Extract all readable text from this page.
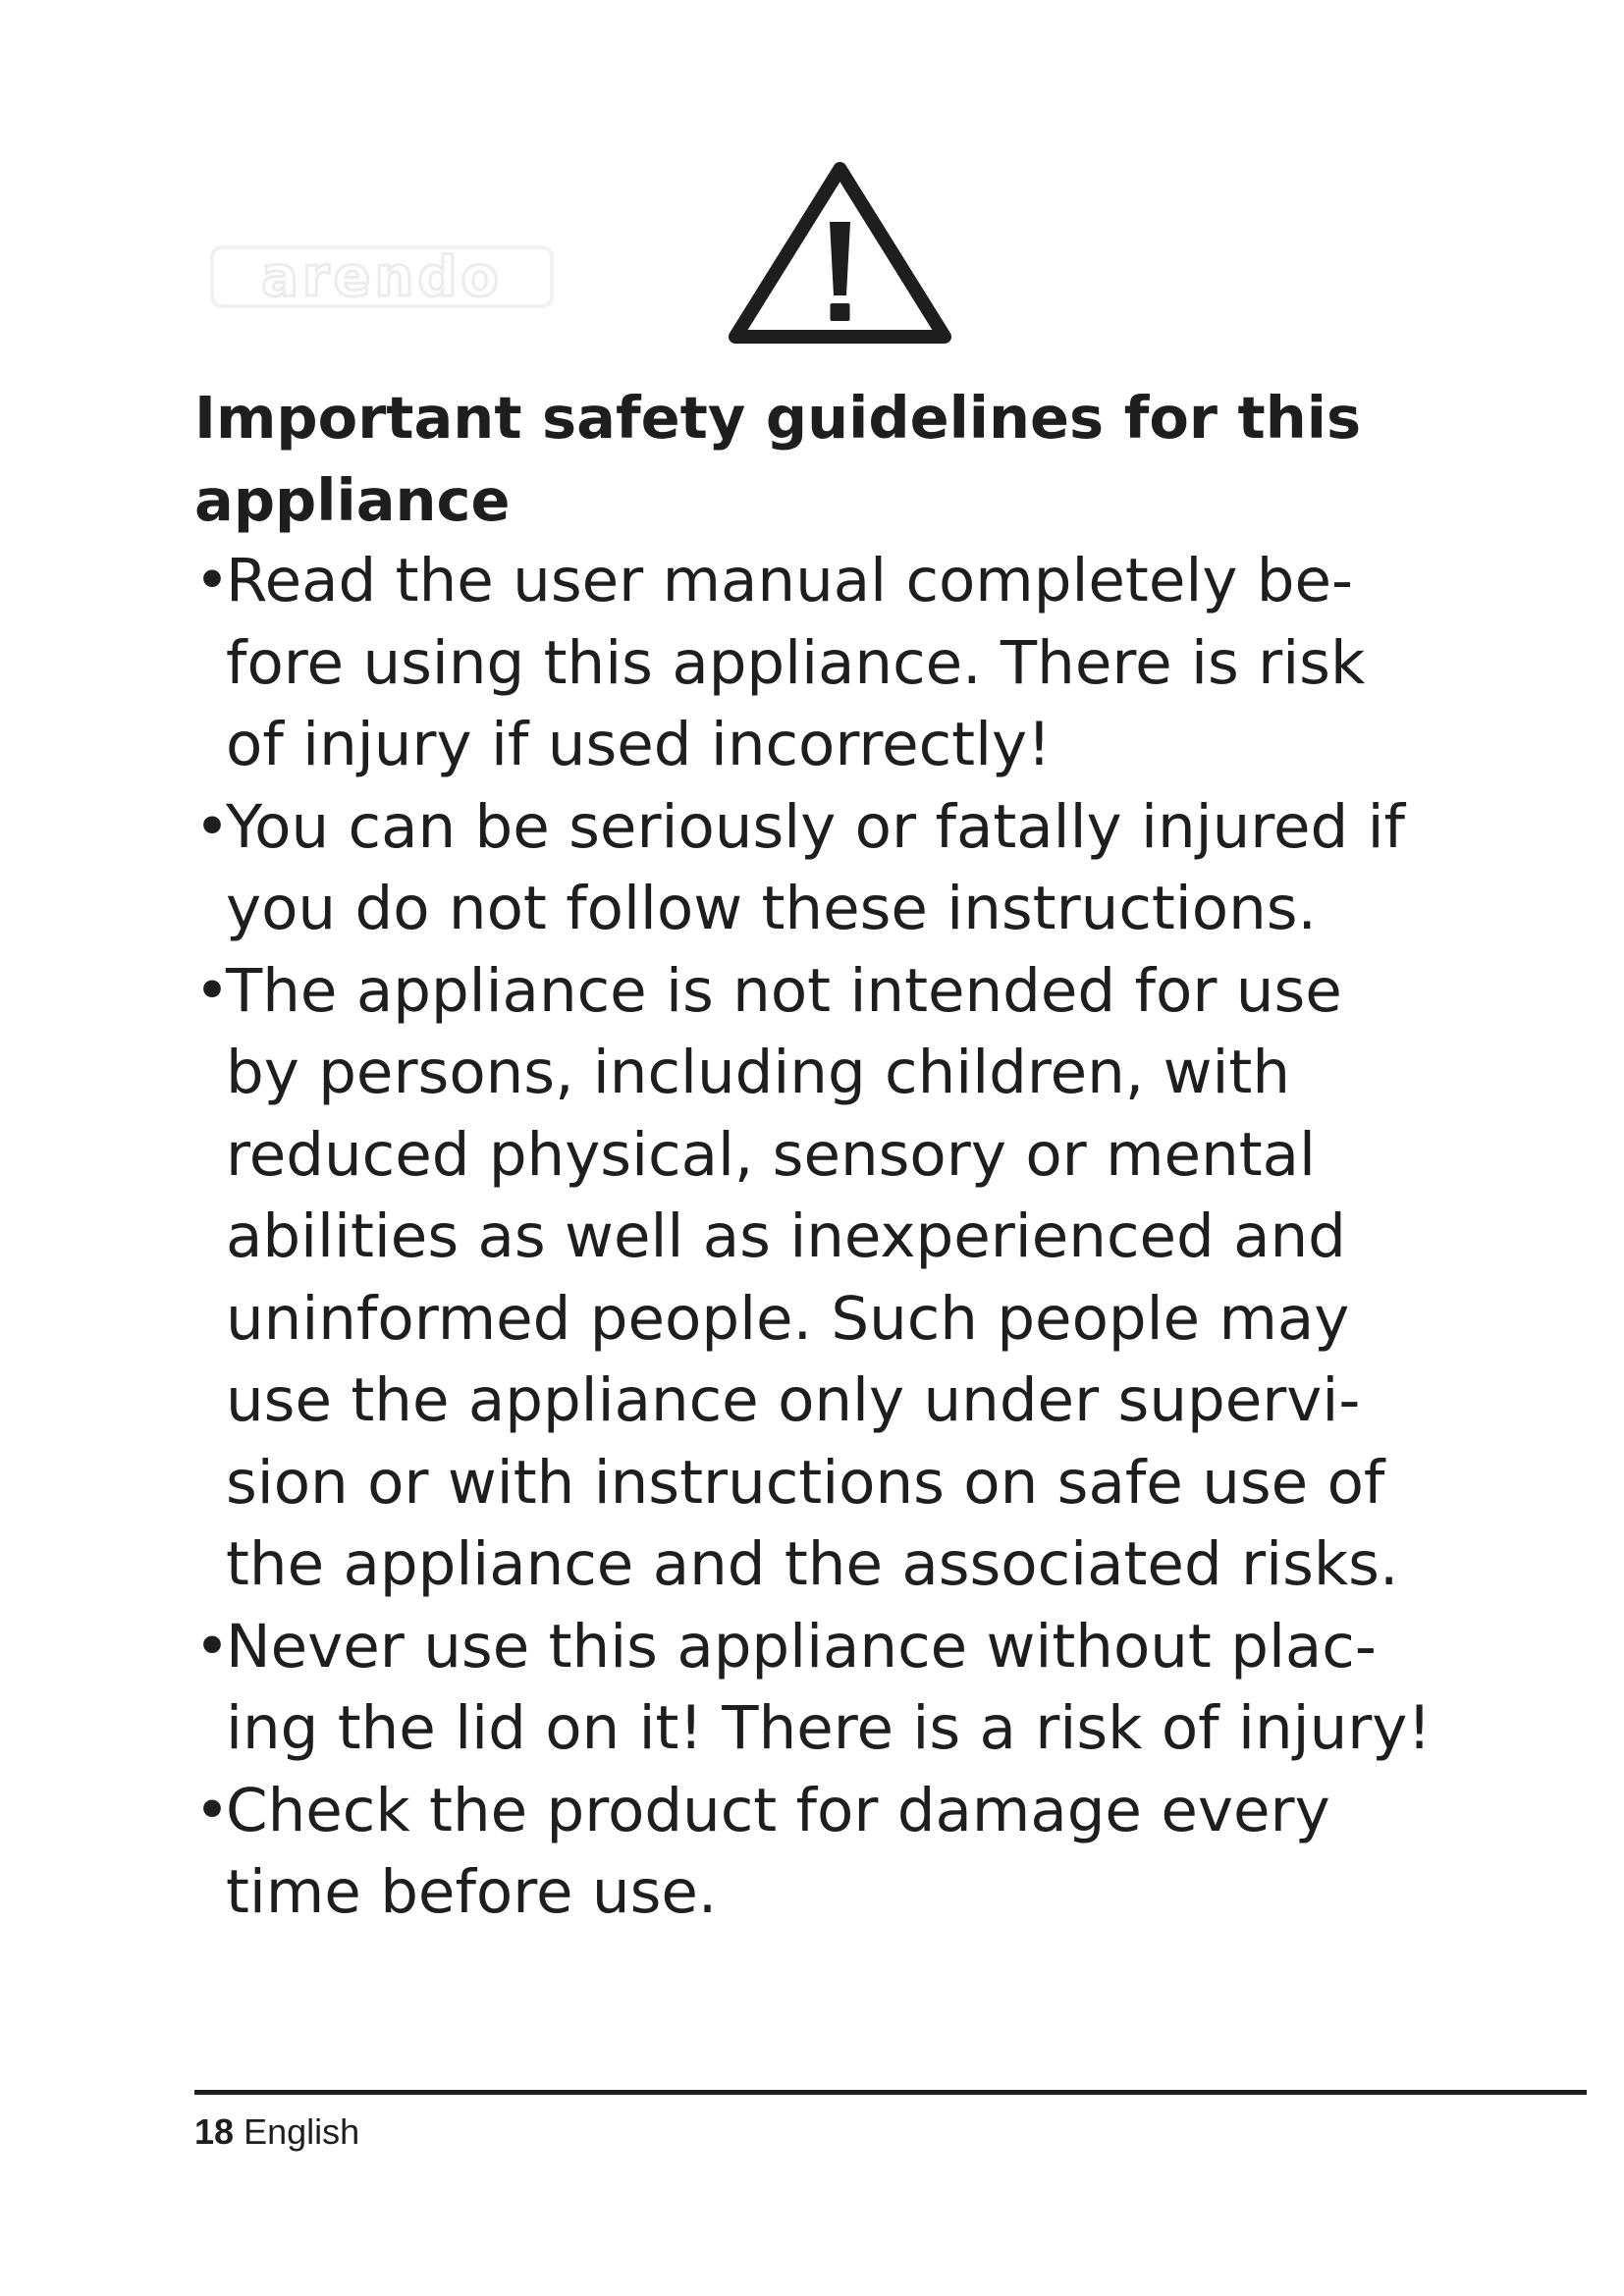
arendo
Important safety guidelines for this
appliance
•
Read the user manual completely be-
fore using this appliance. There is risk
of injury if used incorrectly!
•
You can be seriously or fatally injured if
you do not follow these instructions.
•
The appliance is not intended for use
by persons, including children, with
reduced physical, sensory or mental
abilities as well as inexperienced and
uninformed people. Such people may
use the appliance only under supervi-
sion or with instructions on safe use of
the appliance and the associated risks.
•
Never use this appliance without plac-
ing the lid on it! There is a risk of injury!
•
Check the product for damage every
time before use.
18 English
